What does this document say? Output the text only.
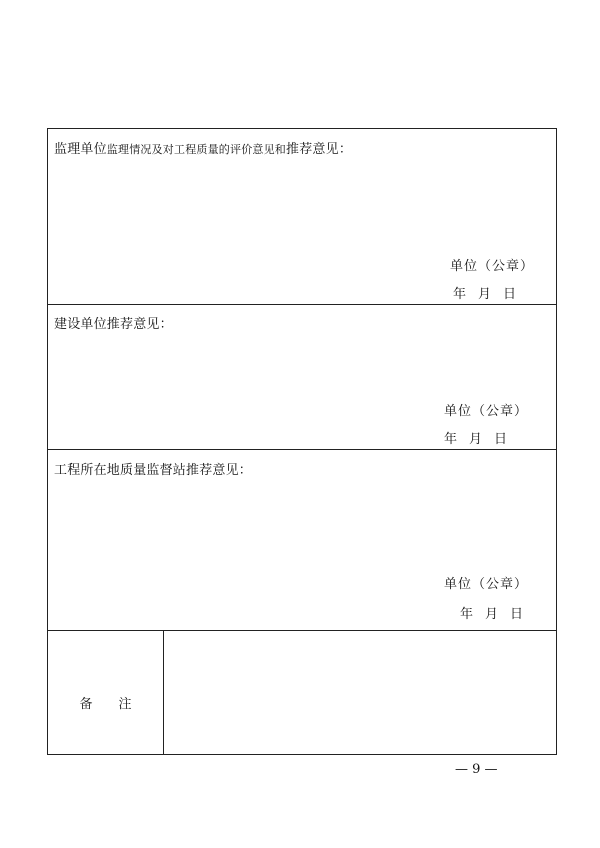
监理单位监理情况及对工程质量的评价意见和推荐意见：
单位（公章）
年 月 日
建设单位推荐意见：
单位（公章）
年 月 日
工程所在地质量监督站推荐意见：
单位（公章）
年 月 日
备注
— 9 —
